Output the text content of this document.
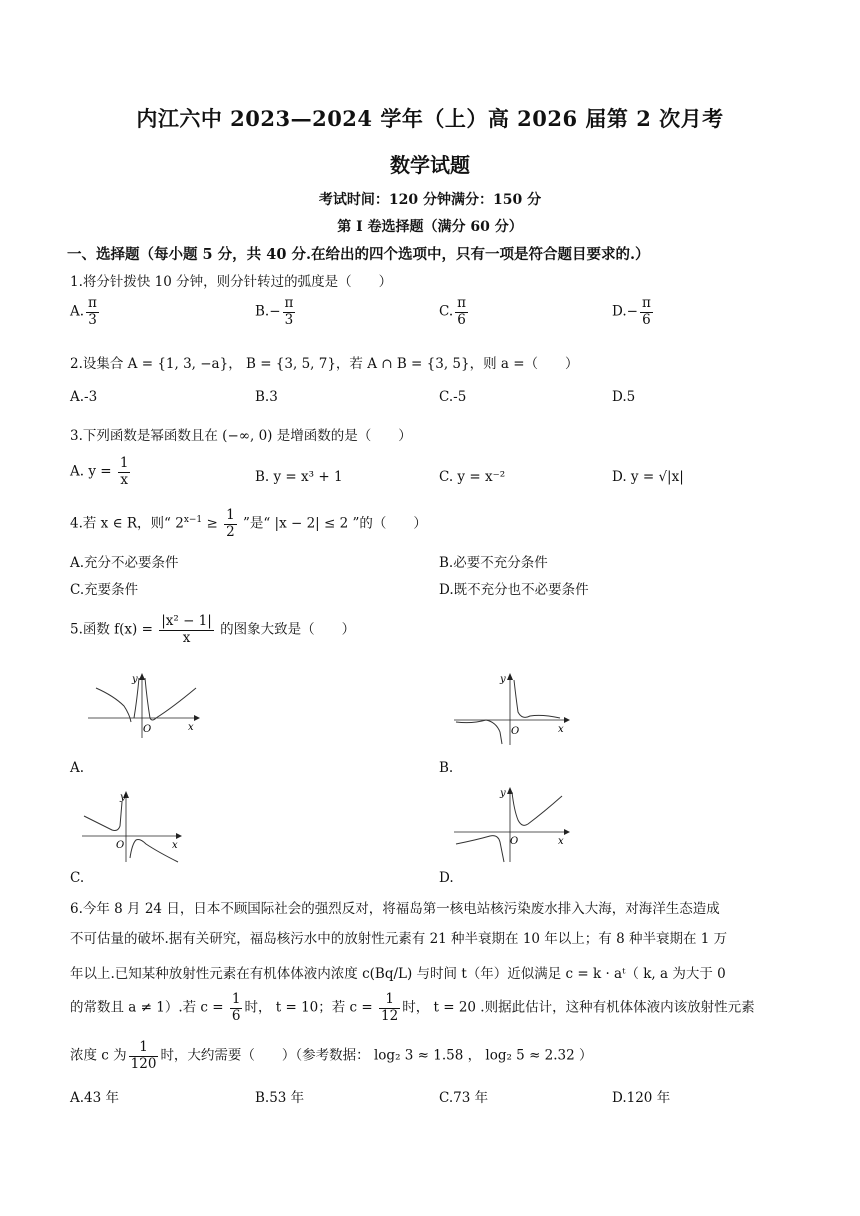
内江六中 2023—2024 学年（上）高 2026 届第 2 次月考
数学试题
考试时间：120 分钟满分：150 分
第 I 卷选择题（满分 60 分）
一、选择题（每小题 5 分，共 40 分.在给出的四个选项中，只有一项是符合题目要求的.）
1.将分针拨快 10 分钟，则分针转过的弧度是（　　）
A. $\frac{\pi}{3}$	$B.- \frac{\pi}{3}$	C. $\frac{\pi}{6}$	$D.- \frac{\pi}{6}$
2.设集合 A = {1, 3, −a}， B = {3, 5, 7}，若 A ∩ B = {3, 5}，则 a =（　　）
A.-3	B.3	C.-5	D.5
3.下列函数是幂函数且在 (−∞, 0) 是增函数的是（　　）
A. $y = \frac{1}{x}$	B. y = x³ + 1	C. y = x⁻²	D. y = √|x|
4.若 x ∈ R，则“ $2^{x-1} \ge \frac{1}{2}$ ”是“ |x − 2| ≤ 2 ”的（　　）
A.充分不必要条件	B.必要不充分条件
C.充要条件	D.既不充分也不必要条件
5.函数 $f(x) = \frac{\text{|x² − 1|}}{x}$ 的图象大致是（　　）
y
x
O
A.
y
x
O
B.
y
x
O
C.
y
x
O
D.
6.今年 8 月 24 日，日本不顾国际社会的强烈反对，将福岛第一核电站核污染废水排入大海，对海洋生态造成
不可估量的破坏.据有关研究，福岛核污水中的放射性元素有 21 种半衰期在 10 年以上；有 8 种半衰期在 1 万
年以上.已知某种放射性元素在有机体体液内浓度 c(Bq/L) 与时间 t（年）近似满足 c = k · aᵗ（ k, a 为大于 0
的常数且 a ≠ 1）.若 $c = \frac{1}{6}$ 时， t = 10；若 $c = \frac{1}{12}$ 时， t = 20 .则据此估计，这种有机体体液内该放射性元素
浓度 c 为 $\frac{1}{120}$ 时，大约需要（　　）（参考数据： log₂ 3 ≈ 1.58 ， log₂ 5 ≈ 2.32 ）
A.43 年	B.53 年	C.73 年	D.120 年
